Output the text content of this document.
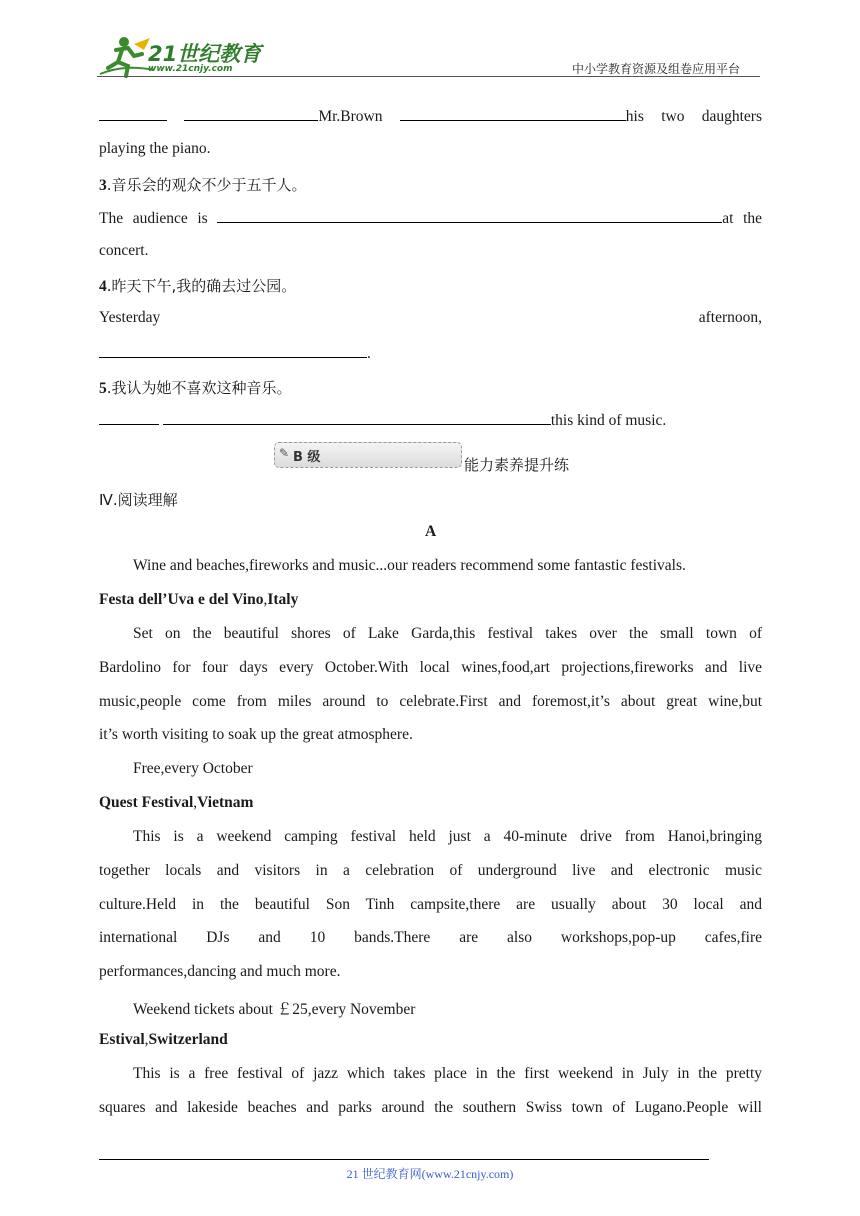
21世纪教育
www.21cnjy.com	中小学教育资源及组卷应用平台
Mr.Brown	his two daughters
playing the piano.
3.音乐会的观众不少于五千人。
The audience is	at the
concert.
4.昨天下午,我的确去过公园。
Yesterday	afternoon,
.
5.我认为她不喜欢这种音乐。
this kind of music.
✎ B 级	能力素养提升练
Ⅳ.阅读理解
A
Wine and beaches,fireworks and music...our readers recommend some fantastic festivals.
Festa dell’Uva e del Vino,Italy
Set on the beautiful shores of Lake Garda,this festival takes over the small town of
Bardolino for four days every October.With local wines,food,art projections,fireworks and live
music,people come from miles around to celebrate.First and foremost,it’s about great wine,but
it’s worth visiting to soak up the great atmosphere.
Free,every October
Quest Festival,Vietnam
This is a weekend camping festival held just a 40-minute drive from Hanoi,bringing
together locals and visitors in a celebration of underground live and electronic music
culture.Held in the beautiful Son Tinh campsite,there are usually about 30 local and
international DJs and 10 bands.There are also workshops,pop-up cafes,fire
performances,dancing and much more.
Weekend tickets about ￡25,every November
Estival,Switzerland
This is a free festival of jazz which takes place in the first weekend in July in the pretty
squares and lakeside beaches and parks around the southern Swiss town of Lugano.People will
21 世纪教育网(www.21cnjy.com)
